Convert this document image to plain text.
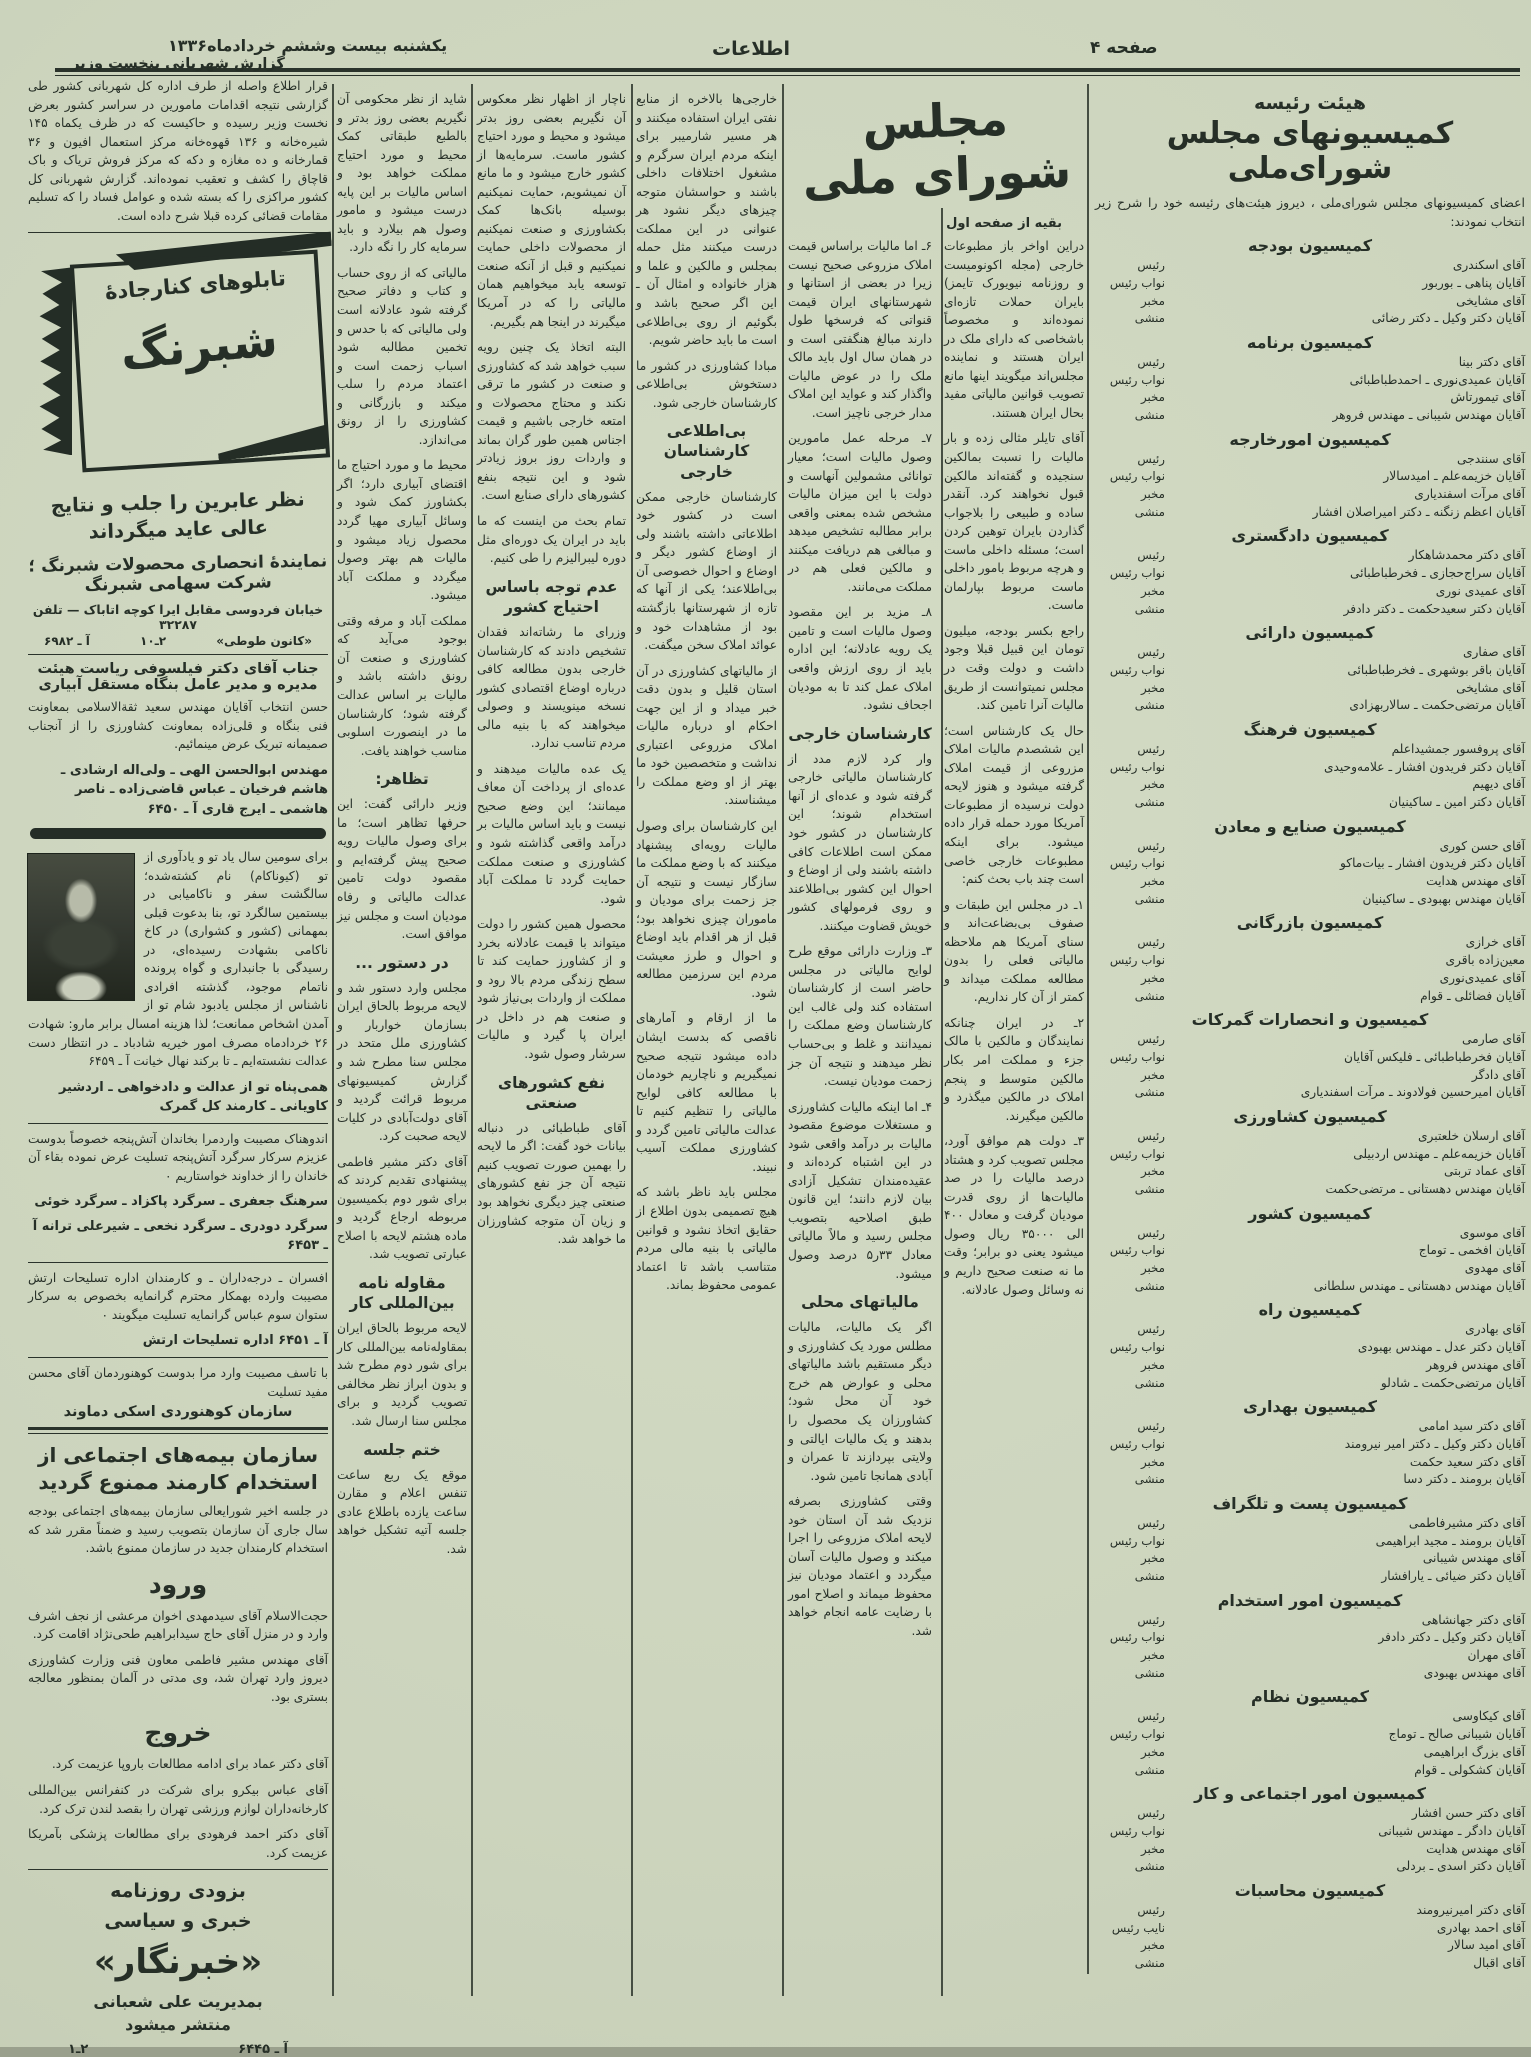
یکشنبه بیست وششم خردادماه۱۳۳۶	اطلاعات	صفحه ۴
گزارش شهربانی بنخست وزیر

قرار اطلاع واصله از طرف اداره کل شهربانی کشور طی گزارشی نتیجه اقدامات مامورین در سراسر کشور بعرض نخست وزیر رسیده و حاکیست که در ظرف یکماه ۱۴۵ شیره‌خانه و ۱۳۶ قهوه‌خانه مرکز استعمال افیون و ۳۶ قمارخانه و ده مغازه و دکه که مرکز فروش تریاک و باک قاچاق را کشف و تعقیب نموده‌اند. گزارش شهربانی کل کشور مراکزی را که بسته شده و عوامل فساد را که تسلیم مقامات قضائی کرده قبلا شرح داده است.

تابلوهای کنارجادهٔ
شبرنگ
نظر عابرین را جلب و نتایج عالی عاید میگرداند
نمایندهٔ انحصاری محصولات شبرنگ ؛ شرکت سهامی شبرنگ
خیابان فردوسی مقابل ایرا کوچه اتاباک — تلفن ۳۲۲۸۷
«کانون طوطی»
۲ـ۱۰
آ ـ ۶۹۸۲
جناب آقای دکتر فیلسوفی ریاست هیئت مدیره و مدیر عامل بنگاه مستقل آبیاری

حسن انتخاب آقایان مهندس سعید ثقةالاسلامی بمعاونت فنی بنگاه و قلی‌زاده بمعاونت کشاورزی را از آنجناب صمیمانه تبریک عرض مینمائیم.

مهندس ابوالحسن الهی ـ ولی‌اله ارشادی ـ هاشم فرخیان ـ عباس قاضی‌زاده ـ ناصر هاشمی ـ ایرج قاری آ ـ ۶۴۵۰

برای سومین سال یاد تو و یادآوری از تو (کیوناکام) نام کشته‌شده؛ سالگشت سفر و ناکامیابی در بیستمین سالگرد تو، بنا بدعوت قبلی بمهمانی (کشور و کشواری) در کاخ ناکامی بشهادت رسیده‌ای، در رسیدگی با جانبداری و گواه پرونده ناتمام موجود، گذشته افرادی ناشناس از مجلس یادبود شام تو از آمدن اشخاص ممانعت؛ لذا هزینه امسال برابر مارو: شهادت ۲۶ خردادماه مصرف امور خیریه شادباد ـ در انتظار دست عدالت نشسته‌ایم ـ تا برکند نهال خیانت آ ـ ۶۴۵۹

همی‌پناه تو از عدالت و دادخواهی ـ اردشیر کاویانی ـ کارمند کل گمرک

اندوهناک مصیبت واردمرا بخاندان آتش‌پنجه خصوصاً بدوست عزیزم سرکار سرگرد آتش‌پنجه تسلیت عرض نموده بقاء آن خاندان را از خداوند خواستاریم ۰

سرهنگ جعفری ـ سرگرد پاکزاد ـ سرگرد خوئی
سرگرد دودری ـ سرگرد نخعی ـ شیرعلی ترانه آ ـ ۶۴۵۳

افسران ـ درجه‌داران ـ و کارمندان اداره تسلیحات ارتش مصیبت وارده بهمکار محترم گرانمایه بخصوص به سرکار ستوان سوم عباس گرانمایه تسلیت میگویند ۰

آ ـ ۶۴۵۱ اداره تسلیحات ارتش

با تاسف مصیبت وارد مرا بدوست کوهنوردمان آقای محسن مفید تسلیت

سازمان کوهنوردی اسکی دماوند
سازمان بیمه‌های اجتماعی از استخدام کارمند ممنوع گردید

در جلسه اخیر شورایعالی سازمان بیمه‌های اجتماعی بودجه سال جاری آن سازمان بتصویب رسید و ضمناً مقرر شد که استخدام کارمندان جدید در سازمان ممنوع باشد.

ورود

حجت‌الاسلام آقای سیدمهدی اخوان مرعشی از نجف اشرف وارد و در منزل آقای حاج سیدابراهیم طحی‌نژاد اقامت کرد.

آقای مهندس مشیر فاطمی معاون فنی وزارت کشاورزی دیروز وارد تهران شد، وی مدتی در آلمان بمنظور معالجه بستری بود.

خروج

آقای دکتر عماد برای ادامه مطالعات باروپا عزیمت کرد.

آقای عباس بیکرو برای شرکت در کنفرانس بین‌المللی کارخانه‌داران لوازم ورزشی تهران را بقصد لندن ترک کرد.

آقای دکتر احمد فرهودی برای مطالعات پزشکی بآمریکا عزیمت کرد.

بزودی روزنامه
خبری و سیاسی
«خبرنگار»
بمدیریت علی شعبانی
منتشر میشود
آ ـ ۶۴۴۵
۲ـ۱

شاید از نظر محکومی آن نگیریم بعضی روز بدتر و بالطبع طبقاتی کمک محیط و مورد احتیاج مملکت خواهد بود و اساس مالیات بر این پایه درست میشود و مامور وصول هم بیلارد و باید سرمایه کار را نگه دارد.

مالیاتی که از روی حساب و کتاب و دفاتر صحیح گرفته شود عادلانه است ولی مالیاتی که با حدس و تخمین مطالبه شود اسباب زحمت است و اعتماد مردم را سلب میکند و بازرگانی و کشاورزی را از رونق می‌اندازد.

محیط ما و مورد احتیاج ما اقتضای آبیاری دارد؛ اگر بکشاورز کمک شود و وسائل آبیاری مهیا گردد محصول زیاد میشود و مالیات هم بهتر وصول میگردد و مملکت آباد میشود.

مملکت آباد و مرفه وقتی بوجود می‌آید که کشاورزی و صنعت آن رونق داشته باشد و مالیات بر اساس عدالت گرفته شود؛ کارشناسان ما در اینصورت اسلوبی مناسب خواهند یافت.

تظاهر:

وزیر دارائی گفت: این حرفها تظاهر است؛ ما برای وصول مالیات رویه صحیح پیش گرفته‌ایم و مقصود دولت تامین عدالت مالیاتی و رفاه مودیان است و مجلس نیز موافق است.

در دستور ...

مجلس وارد دستور شد و لایحه مربوط بالحاق ایران بسازمان خواربار و کشاورزی ملل متحد در مجلس سنا مطرح شد و گزارش کمیسیونهای مربوط قرائت گردید و آقای دولت‌آبادی در کلیات لایحه صحبت کرد.

آقای دکتر مشیر فاطمی پیشنهادی تقدیم کردند که برای شور دوم بکمیسیون مربوطه ارجاع گردید و ماده هشتم لایحه با اصلاح عبارتی تصویب شد.

مقاوله نامه بین‌المللی کار

لایحه مربوط بالحاق ایران بمقاوله‌نامه بین‌المللی کار برای شور دوم مطرح شد و بدون ابراز نظر مخالفی تصویب گردید و برای مجلس سنا ارسال شد.

ختم جلسه

موقع یک ربع ساعت تنفس اعلام و مقارن ساعت یازده باطلاع عادی جلسه آتیه تشکیل خواهد شد.

ناچار از اظهار نظر معکوس آن نگیریم بعضی روز بدتر میشود و محیط و مورد احتیاج کشور ماست. سرمایه‌ها از کشور خارج میشود و ما مانع آن نمیشویم، حمایت نمیکنیم بوسیله بانک‌ها کمک بکشاورزی و صنعت نمیکنیم از محصولات داخلی حمایت نمیکنیم و قبل از آنکه صنعت توسعه یابد میخواهیم همان مالیاتی را که در آمریکا میگیرند در اینجا هم بگیریم.

البته اتخاذ یک چنین رویه سبب خواهد شد که کشاورزی و صنعت در کشور ما ترقی نکند و محتاج محصولات و امتعه خارجی باشیم و قیمت اجناس همین طور گران بماند و واردات روز بروز زیادتر شود و این نتیجه بنفع کشورهای دارای صنایع است.

تمام بحث من اینست که ما باید در ایران یک دوره‌ای مثل دوره لیبرالیزم را طی کنیم.

عدم توجه باساس احتیاج کشور

وزرای ما رشاته‌اند فقدان تشخیص دادند که کارشناسان خارجی بدون مطالعه کافی درباره اوضاع اقتصادی کشور نسخه مینویسند و وصولی میخواهند که با بنیه مالی مردم تناسب ندارد.

یک عده مالیات میدهند و عده‌ای از پرداخت آن معاف میمانند؛ این وضع صحیح نیست و باید اساس مالیات بر درآمد واقعی گذاشته شود و کشاورزی و صنعت مملکت حمایت گردد تا مملکت آباد شود.

محصول همین کشور را دولت میتواند با قیمت عادلانه بخرد و از کشاورز حمایت کند تا سطح زندگی مردم بالا رود و مملکت از واردات بی‌نیاز شود و صنعت هم در داخل در ایران پا گیرد و مالیات سرشار وصول شود.

نفع کشورهای صنعتی

آقای طباطبائی در دنباله بیانات خود گفت: اگر ما لایحه را بهمین صورت تصویب کنیم نتیجه آن جز نفع کشورهای صنعتی چیز دیگری نخواهد بود و زیان آن متوجه کشاورزان ما خواهد شد.

خارجی‌ها بالاخره از منابع نفتی ایران استفاده میکنند و هر مسیر شارمیبر برای اینکه مردم ایران سرگرم و مشغول اختلافات داخلی باشند و حواسشان متوجه چیزهای دیگر نشود هر عنوانی در این مملکت درست میکنند مثل حمله بمجلس و مالکین و علما و هزار خانواده و امثال آن ـ این اگر صحیح باشد و بگوئیم از روی بی‌اطلاعی است ما باید حاضر شویم.

مبادا کشاورزی در کشور ما دستخوش بی‌اطلاعی کارشناسان خارجی شود.

بی‌اطلاعی کارشناسان خارجی

کارشناسان خارجی ممکن است در کشور خود اطلاعاتی داشته باشند ولی از اوضاع کشور دیگر و اوضاع و احوال خصوصی آن بی‌اطلاعند؛ یکی از آنها که تازه از شهرستانها بازگشته بود از مشاهدات خود و عوائد املاک سخن میگفت.

از مالیاتهای کشاورزی در آن استان قلیل و بدون دقت خبر میداد و از این جهت احکام او درباره مالیات املاک مزروعی اعتباری نداشت و متخصصین خود ما بهتر از او وضع مملکت را میشناسند.

این کارشناسان برای وصول مالیات رویه‌ای پیشنهاد میکنند که با وضع مملکت ما سازگار نیست و نتیجه آن جز زحمت برای مودیان و ماموران چیزی نخواهد بود؛ قبل از هر اقدام باید اوضاع و احوال و طرز معیشت مردم این سرزمین مطالعه شود.

ما از ارقام و آمارهای ناقصی که بدست ایشان داده میشود نتیجه صحیح نمیگیریم و ناچاریم خودمان با مطالعه کافی لوایح مالیاتی را تنظیم کنیم تا عدالت مالیاتی تامین گردد و کشاورزی مملکت آسیب نبیند.

مجلس باید ناظر باشد که هیچ تصمیمی بدون اطلاع از حقایق اتخاذ نشود و قوانین مالیاتی با بنیه مالی مردم متناسب باشد تا اعتماد عمومی محفوظ بماند.

مجلس شورای ملی
بقیه از صفحه اول

دراین اواخر باز مطبوعات خارجی (مجله اکونومیست و روزنامه نیویورک تایمز) بایران حملات تازه‌ای نموده‌اند و مخصوصاً باشخاصی که دارای ملک در ایران هستند و نماینده مجلس‌اند میگویند اینها مانع تصویب قوانین مالیاتی مفید بحال ایران هستند.

آقای تایلر مثالی زده و بار مالیات را نسبت بمالکین سنجیده و گفته‌اند مالکین قبول نخواهند کرد. آنقدر ساده و طبیعی را بلاجواب گذاردن بایران توهین کردن است؛ مسئله داخلی ماست و هرچه مربوط بامور داخلی ماست مربوط بپارلمان ماست.

راجع بکسر بودجه، میلیون تومان این قبیل قبلا وجود داشت و دولت وقت در مجلس نمیتوانست از طریق مالیات آنرا تامین کند.

حال یک کارشناس است؛ این ششصدم مالیات املاک مزروعی از قیمت املاک گرفته میشود و هنوز لایحه دولت نرسیده از مطبوعات آمریکا مورد حمله قرار داده میشود. برای اینکه مطبوعات خارجی خاصی است چند باب بحث کنم:

۱ـ در مجلس این طبقات و صفوف بی‌بضاعت‌اند و سنای آمریکا هم ملاحظه مالیاتی فعلی را بدون مطالعه مملکت میداند و کمتر از آن کار نداریم.

۲ـ در ایران چنانکه نمایندگان و مالکین با مالک جزء و مملکت امر بکار مالکین متوسط و پنجم املاک در مالکین میگذرد و مالکین میگیرند.

۳ـ دولت هم موافق آورد، مجلس تصویب کرد و هشتاد درصد مالیات را در صد مالیات‌ها از روی قدرت مودیان گرفت و معادل ۴۰۰ الی ۳۵۰۰۰ ریال وصول میشود یعنی دو برابر؛ وقت ما نه صنعت صحیح داریم و نه وسائل وصول عادلانه.

۶ـ اما مالیات براساس قیمت املاک مزروعی صحیح نیست زیرا در بعضی از استانها و شهرستانهای ایران قیمت قنواتی که فرسخها طول دارند مبالغ هنگفتی است و در همان سال اول باید مالک ملک را در عوض مالیات واگذار کند و عواید این املاک مدار خرجی ناچیز است.

۷ـ مرحله عمل مامورین وصول مالیات است؛ معیار توانائی مشمولین آنهاست و دولت با این میزان مالیات مشخص شده بمعنی واقعی برابر مطالبه تشخیص میدهد و مبالغی هم دریافت میکنند و مالکین فعلی هم در مملکت می‌مانند.

۸ـ مزید بر این مقصود وصول مالیات است و تامین یک رویه عادلانه؛ این اداره باید از روی ارزش واقعی املاک عمل کند تا به مودیان اجحاف نشود.

کارشناسان خارجی

وار کرد لازم مدد از کارشناسان مالیاتی خارجی گرفته شود و عده‌ای از آنها استخدام شوند؛ این کارشناسان در کشور خود ممکن است اطلاعات کافی داشته باشند ولی از اوضاع و احوال این کشور بی‌اطلاعند و روی فرمولهای کشور خویش قضاوت میکنند.

۳ـ وزارت دارائی موقع طرح لوایح مالیاتی در مجلس حاضر است از کارشناسان استفاده کند ولی غالب این کارشناسان وضع مملکت را نمیدانند و غلط و بی‌حساب نظر میدهند و نتیجه آن جز زحمت مودیان نیست.

۴ـ اما اینکه مالیات کشاورزی و مستغلات موضوع مقصود مالیات بر درآمد واقعی شود در این اشتباه کرده‌اند و عقیده‌مندان تشکیل آزادی بیان لازم دانند؛ این قانون طبق اصلاحیه بتصویب مجلس رسید و مالاً مالیاتی معادل ۳۳ر۵ درصد وصول میشود.

مالیاتهای محلی

اگر یک مالیات، مالیات مطلس مورد یک کشاورزی و دیگر مستقیم باشد مالیاتهای محلی و عوارض هم خرج خود آن محل شود؛ کشاورزان یک محصول را بدهند و یک مالیات ایالتی و ولایتی بپردازند تا عمران و آبادی همانجا تامین شود.

وقتی کشاورزی بصرفه نزدیک شد آن استان خود لایحه املاک مزروعی را اجرا میکند و وصول مالیات آسان میگردد و اعتماد مودیان نیز محفوظ میماند و اصلاح امور با رضایت عامه انجام خواهد شد.

هیئت رئیسه
کمیسیونهای مجلس شورای‌ملی
اعضای کمیسیونهای مجلس شورای‌ملی ، دیروز هیئت‌های رئیسه خود را شرح زیر انتخاب نمودند:
کمیسیون بودجه
آقای اسکندری
رئیس
آقایان پناهی ـ بوربور
نواب رئیس
آقای مشایخی
مخبر
آقایان دکتر وکیل ـ دکتر رضائی
منشی
کمیسیون برنامه
آقای دکتر بینا
رئیس
آقایان عمیدی‌نوری ـ احمدطباطبائی
نواب رئیس
آقای تیمورتاش
مخبر
آقایان مهندس شیبانی ـ مهندس فروهر
منشی
کمیسیون امورخارجه
آقای سنندجی
رئیس
آقایان خزیمه‌علم ـ امیدسالار
نواب رئیس
آقای مرآت اسفندیاری
مخبر
آقایان اعظم زنگنه ـ دکتر امیراصلان افشار
منشی
کمیسیون دادگستری
آقای دکتر محمدشاهکار
رئیس
آقایان سراج‌حجازی ـ فخرطباطبائی
نواب رئیس
آقای عمیدی نوری
مخبر
آقایان دکتر سعیدحکمت ـ دکتر دادفر
منشی
کمیسیون دارائی
آقای صفاری
رئیس
آقایان باقر بوشهری ـ فخرطباطبائی
نواب رئیس
آقای مشایخی
مخبر
آقایان مرتضی‌حکمت ـ سالاربهزادی
منشی
کمیسیون فرهنگ
آقای پروفسور جمشیداعلم
رئیس
آقایان دکتر فریدون افشار ـ علامه‌وحیدی
نواب رئیس
آقای دیهیم
مخبر
آقایان دکتر امین ـ ساکینیان
منشی
کمیسیون صنایع و معادن
آقای حسن کوری
رئیس
آقایان دکتر فریدون افشار ـ بیات‌ماکو
نواب رئیس
آقای مهندس هدایت
مخبر
آقایان مهندس بهبودی ـ ساکینیان
منشی
کمیسیون بازرگانی
آقای خرازی
رئیس
معین‌زاده باقری
نواب رئیس
آقای عمیدی‌نوری
مخبر
آقایان فضائلی ـ قوام
منشی
کمیسیون و انحصارات گمرکات
آقای صارمی
رئیس
آقایان فخرطباطبائی ـ فلیکس آقایان
نواب رئیس
آقای دادگر
مخبر
آقایان امیرحسین فولادوند ـ مرآت اسفندیاری
منشی
کمیسیون کشاورزی
آقای ارسلان خلعتبری
رئیس
آقایان خزیمه‌علم ـ مهندس اردبیلی
نواب رئیس
آقای عماد تربتی
مخبر
آقایان مهندس دهستانی ـ مرتضی‌حکمت
منشی
کمیسیون کشور
آقای موسوی
رئیس
آقایان افخمی ـ توماج
نواب رئیس
آقای مهدوی
مخبر
آقایان مهندس دهستانی ـ مهندس سلطانی
منشی
کمیسیون راه
آقای بهادری
رئیس
آقایان دکتر عدل ـ مهندس بهبودی
نواب رئیس
آقای مهندس فروهر
مخبر
آقایان مرتضی‌حکمت ـ شادلو
منشی
کمیسیون بهداری
آقای دکتر سید امامی
رئیس
آقایان دکتر وکیل ـ دکتر امیر نیرومند
نواب رئیس
آقای دکتر سعید حکمت
مخبر
آقایان برومند ـ دکتر دسا
منشی
کمیسیون پست و تلگراف
آقای دکتر مشیرفاطمی
رئیس
آقایان برومند ـ مجید ابراهیمی
نواب رئیس
آقای مهندس شیبانی
مخبر
آقایان دکتر ضیائی ـ یارافشار
منشی
کمیسیون امور استخدام
آقای دکتر جهانشاهی
رئیس
آقایان دکتر وکیل ـ دکتر دادفر
نواب رئیس
آقای مهران
مخبر
آقای مهندس بهبودی
منشی
کمیسیون نظام
آقای کیکاوسی
رئیس
آقایان شیبانی صالح ـ توماج
نواب رئیس
آقای بزرگ ابراهیمی
مخبر
آقایان کشکولی ـ قوام
منشی
کمیسیون امور اجتماعی و کار
آقای دکتر حسن افشار
رئیس
آقایان دادگر ـ مهندس شیبانی
نواب رئیس
آقای مهندس هدایت
مخبر
آقایان دکتر اسدی ـ بردلی
منشی
کمیسیون محاسبات
آقای دکتر امیرنیرومند
رئیس
آقای احمد بهادری
نایب رئیس
آقای امید سالار
مخبر
آقای اقبال
منشی
